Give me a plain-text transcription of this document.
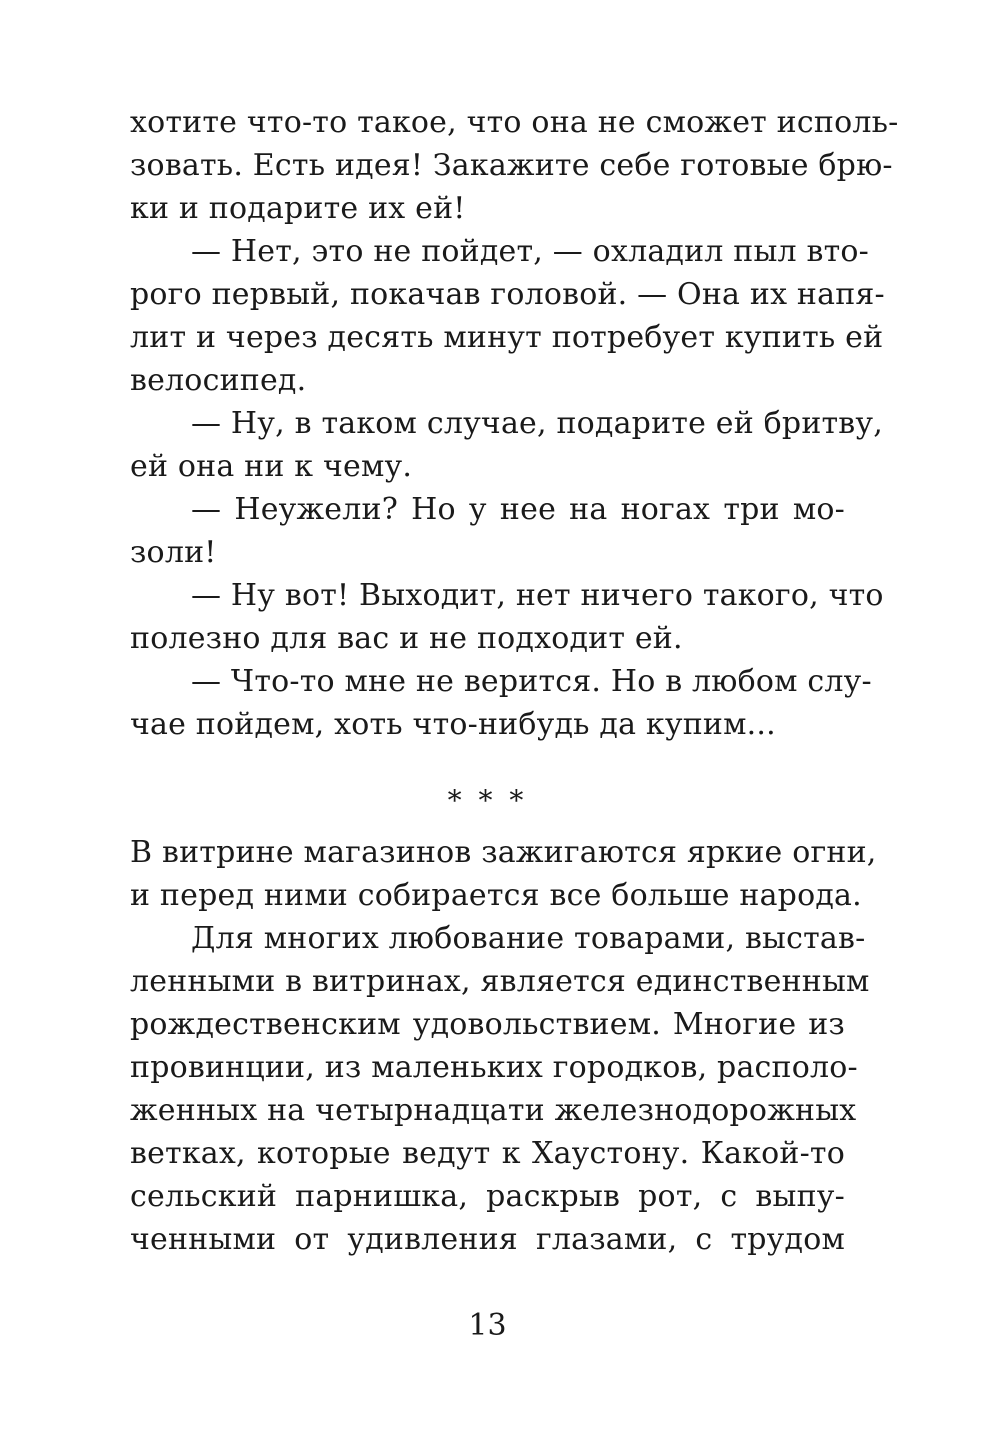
хотите что-то такое, что она не сможет исполь-
зовать. Есть идея! Закажите себе готовые брю-
ки и подарите их ей!
— Нет, это не пойдет, — охладил пыл вто-
рого первый, покачав головой. — Она их напя-
лит и через десять минут потребует купить ей
велосипед.
— Ну, в таком случае, подарите ей бритву,
ей она ни к чему.
— Неужели? Но у нее на ногах три мо-
золи!
— Ну вот! Выходит, нет ничего такого, что
полезно для вас и не подходит ей.
— Что-то мне не верится. Но в любом слу-
чае пойдем, хоть что-нибудь да купим...
* * *
В витрине магазинов зажигаются яркие огни,
и перед ними собирается все больше народа.
Для многих любование товарами, выстав-
ленными в витринах, является единственным
рождественским удовольствием. Многие из
провинции, из маленьких городков, располо-
женных на четырнадцати железнодорожных
ветках, которые ведут к Хаустону. Какой-то
сельский парнишка, раскрыв рот, с выпу-
ченными от удивления глазами, с трудом
13
